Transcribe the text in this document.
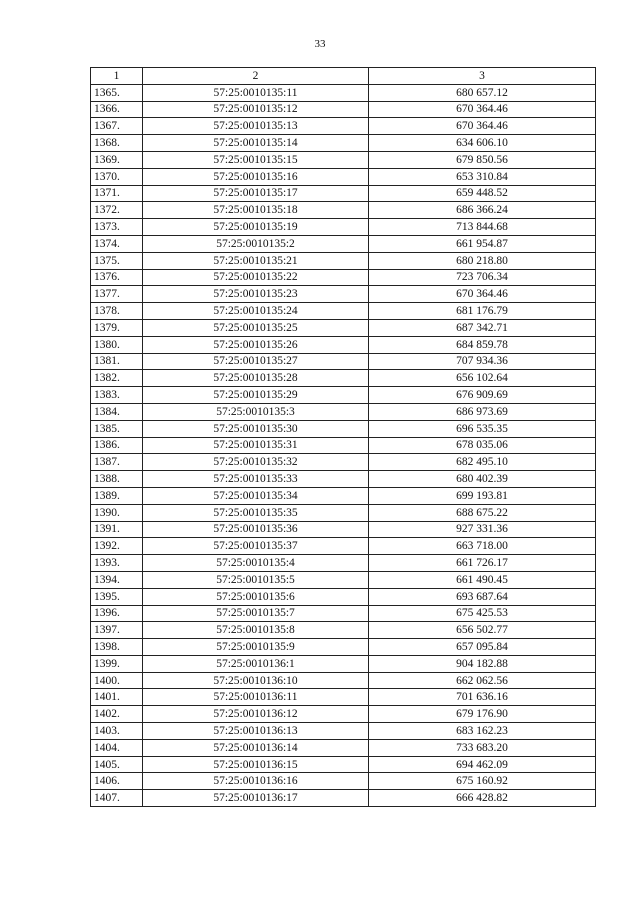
33
1	2	3
1365.	57:25:0010135:11	680 657.12
1366.	57:25:0010135:12	670 364.46
1367.	57:25:0010135:13	670 364.46
1368.	57:25:0010135:14	634 606.10
1369.	57:25:0010135:15	679 850.56
1370.	57:25:0010135:16	653 310.84
1371.	57:25:0010135:17	659 448.52
1372.	57:25:0010135:18	686 366.24
1373.	57:25:0010135:19	713 844.68
1374.	57:25:0010135:2	661 954.87
1375.	57:25:0010135:21	680 218.80
1376.	57:25:0010135:22	723 706.34
1377.	57:25:0010135:23	670 364.46
1378.	57:25:0010135:24	681 176.79
1379.	57:25:0010135:25	687 342.71
1380.	57:25:0010135:26	684 859.78
1381.	57:25:0010135:27	707 934.36
1382.	57:25:0010135:28	656 102.64
1383.	57:25:0010135:29	676 909.69
1384.	57:25:0010135:3	686 973.69
1385.	57:25:0010135:30	696 535.35
1386.	57:25:0010135:31	678 035.06
1387.	57:25:0010135:32	682 495.10
1388.	57:25:0010135:33	680 402.39
1389.	57:25:0010135:34	699 193.81
1390.	57:25:0010135:35	688 675.22
1391.	57:25:0010135:36	927 331.36
1392.	57:25:0010135:37	663 718.00
1393.	57:25:0010135:4	661 726.17
1394.	57:25:0010135:5	661 490.45
1395.	57:25:0010135:6	693 687.64
1396.	57:25:0010135:7	675 425.53
1397.	57:25:0010135:8	656 502.77
1398.	57:25:0010135:9	657 095.84
1399.	57:25:0010136:1	904 182.88
1400.	57:25:0010136:10	662 062.56
1401.	57:25:0010136:11	701 636.16
1402.	57:25:0010136:12	679 176.90
1403.	57:25:0010136:13	683 162.23
1404.	57:25:0010136:14	733 683.20
1405.	57:25:0010136:15	694 462.09
1406.	57:25:0010136:16	675 160.92
1407.	57:25:0010136:17	666 428.82
